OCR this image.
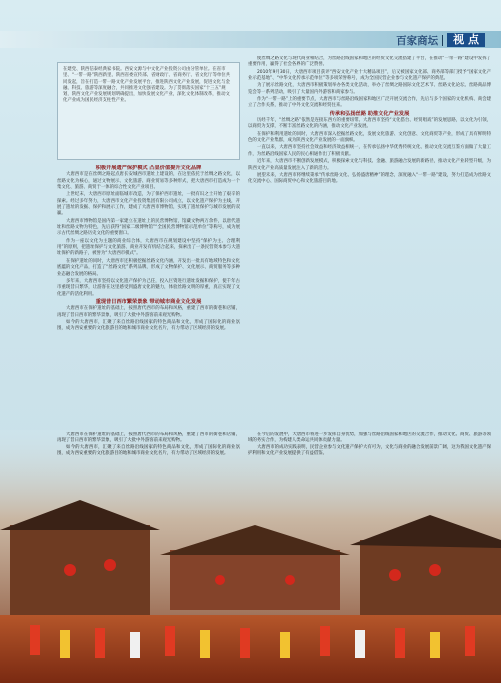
百家商坛	视 点
在建党、陕西信泰经典家书院。西安文源与中文化产业投资公司由分管单位。在省市里、“一带一路”陕西新里、陕西省委宣传部、省财政厅、省商务厅、省文化厅等单位共同发起，旨在打造一带一路文化产业发展平台，推进陕西文化产业发展，促进文化与金融、科技、旅游等深度融合，共同推进文化强省建设。为了贯彻落实国家“十三五”规划，陕西文化产业发展规划明确提出，加快发展文化产业，深化文化体制改革，推动文化产业成为国民经济支柱性产业。

积极开展遗产保护模式 凸显价值提升文化品牌

大唐西市是在丝绸之路起点唐长安城西市遗址上建设的，在这里依托于丝绸之路文化，以丝路文化为核心，通过文物展示、文化旅游、商业贸易等多种形式，把大唐西市打造成为一个集文化、旅游、商贸于一体的综合性文化产业项目。

上世纪末，大唐西市原址面临城市改造，为了保护西市遗址，一批有识之士开始了艰辛的探索。经过多年努力，大唐西市文化产业投资集团有限公司成立，以文化遗产保护为主线，开展了遗址的发掘、保护和展示工作，建成了大唐西市博物馆，实现了遗址保护与城市发展的双赢。

大唐西市博物馆是国内第一家建立在遗址上的民营博物馆，馆藏文物两万余件，以唐代遗址和丝路文物为特色，先后获得“国家二级博物馆”“全国民营博物馆示范单位”等称号，成为展示古代丝绸之路历史文化的重要窗口。

作为一座以文化为主题的商业综合体，大唐西市在规划建设中坚持“保护为主、合理利用”的原则，把遗址保护与文化旅游、商业开发有机结合起来，探索出了一条民营资本参与大遗址保护的新路子，被誉为“大唐西市模式”。

在保护遗址的同时，大唐西市还积极挖掘丝路文化内涵，开发出一批具有地域特色和文化底蕴的文化产品，打造了“丝路文化”系列品牌，形成了文物保护、文化展示、商贸服务等多种业态融合发展的格局。

多年来，大唐西市坚持以文化遗产保护为己任，投入巨资进行遗址发掘和保护，使千年古市重现昔日繁华，让游客在这里感受到盛唐文化的魅力，体验丝路文明的厚重，真正实现了文化遗产的活化利用。

重现昔日西市繁荣景象 带动城市商业文化发展

大唐西市在保护遗址的基础上，按照唐代西市的布局和风格，重建了西市的街巷和店铺，再现了昔日西市的繁华景象，吸引了大批中外游客前来观光购物。

如今的大唐西市，汇聚了来自丝路沿线国家的特色商品和文化，形成了国际化的商业氛围，成为西安重要的文化旅游目的地和城市商业文化名片，有力带动了区域经济的发展。

使丝绸之路文化与现代商业相结合，为丝路沿线国家和地区的经贸文化交流搭建了平台，在推动“一带一路”建设中发挥了重要作用，赢得了社会各界的广泛赞誉。

2010年9月30日，大唐西市项目获评“西安文化产业十大精品项目”，后又被国家文化部、商务部等部门授予“国家文化产业示范基地”、“中华文化传承示范单位”等多项荣誉称号，成为全国民营企业参与文化遗产保护的典范。

为了展示丝路文化，大唐西市积极策划举办各类文化活动，举办了丝绸之路国际文化艺术节、丝路文化论坛、丝路商品博览会等一系列活动，吸引了大量国内外游客和商家参与。

作为“一带一路”上的重要节点，大唐西市与丝路沿线国家和地区广泛开展交流合作，先后与多个国家的文化机构、商会建立了合作关系，推动了中外文化交流和经贸往来。

传承和弘扬丝路 助推文化产业发展

历经千年，“丝绸之路”依然是连接东西方的重要纽带。大唐西市坚持“文化搭台、经贸唱戏”的发展思路，以文化为引领，以商贸为支撑，不断丰富丝路文化的内涵，推动文化产业发展。

在保护和利用遗址的同时，大唐西市深入挖掘丝路文化，发展文化旅游、文化创意、文化商贸等产业，形成了具有鲜明特色的文化产业集群，成为陕西文化产业发展的一面旗帜。

一直以来，大唐西市坚持社会效益和经济效益相统一，在传承弘扬中华优秀传统文化、推动文化交流互鉴方面做了大量工作，为丝路沿线国家人民的民心相通作出了积极贡献。

近年来，大唐西市不断创新发展模式，积极探索文化与科技、金融、旅游融合发展的新路径，推动文化产业转型升级，为陕西文化产业高质量发展注入了新的活力。

展望未来，大唐西市将继续秉承“传承丝路文化、弘扬盛唐精神”的理念，深度融入“一带一路”建设，努力打造成为丝路文化交流中心、国际商贸中心和文化旅游目的地。

大唐西市在保护遗址的基础上，按照唐代西市的布局和风格，重建了西市的街巷和店铺，再现了昔日西市的繁华景象，吸引了大批中外游客前来观光购物。

如今的大唐西市，汇聚了来自丝路沿线国家的特色商品和文化，形成了国际化的商业氛围，成为西安重要的文化旅游目的地和城市商业文化名片，有力带动了区域经济的发展。

在今后的发展中，大唐西市将进一步发挥自身优势，加强与丝路沿线国家和地区的交流合作，推动文化、商贸、旅游等领域的务实合作，为构建人类命运共同体贡献力量。

大唐西市的成功实践表明，民营企业参与文化遗产保护大有可为，文化与商业的融合发展前景广阔，这为我国文化遗产保护利用和文化产业发展提供了有益借鉴。
